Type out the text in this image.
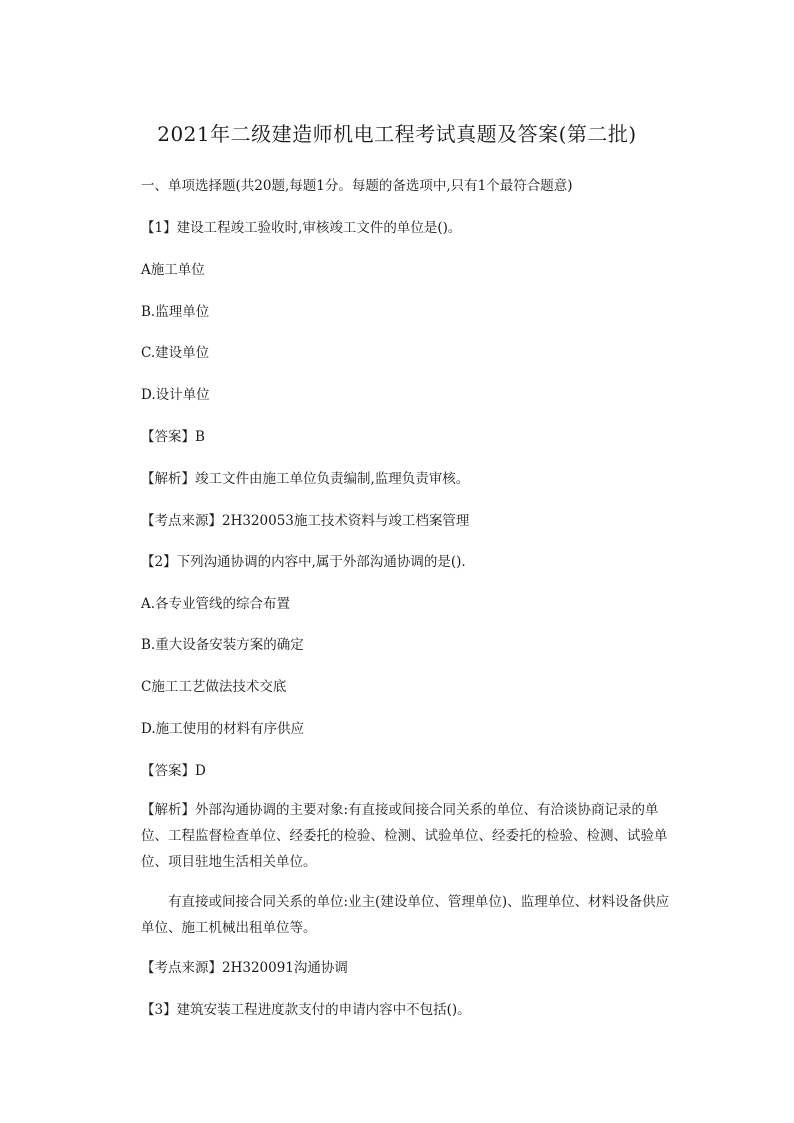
2021年二级建造师机电工程考试真题及答案(第二批)
一、单项选择题(共20题,每题1分。每题的备选项中,只有1个最符合题意)
【1】建设工程竣工验收时,审核竣工文件的单位是()。
A施工单位
B.监理单位
C.建设单位
D.设计单位
【答案】B
【解析】竣工文件由施工单位负责编制,监理负责审核。
【考点来源】2H320053施工技术资料与竣工档案管理
【2】下列沟通协调的内容中,属于外部沟通协调的是().
A.各专业管线的综合布置
B.重大设备安装方案的确定
C施工工艺做法技术交底
D.施工使用的材料有序供应
【答案】D
【解析】外部沟通协调的主要对象:有直接或间接合同关系的单位、有洽谈协商记录的单位、工程监督检查单位、经委托的检验、检测、试验单位、经委托的检验、检测、试验单位、项目驻地生活相关单位。
有直接或间接合同关系的单位:业主(建设单位、管理单位)、监理单位、材料设备供应单位、施工机械出租单位等。
【考点来源】2H320091沟通协调
【3】建筑安装工程进度款支付的申请内容中不包括()。
